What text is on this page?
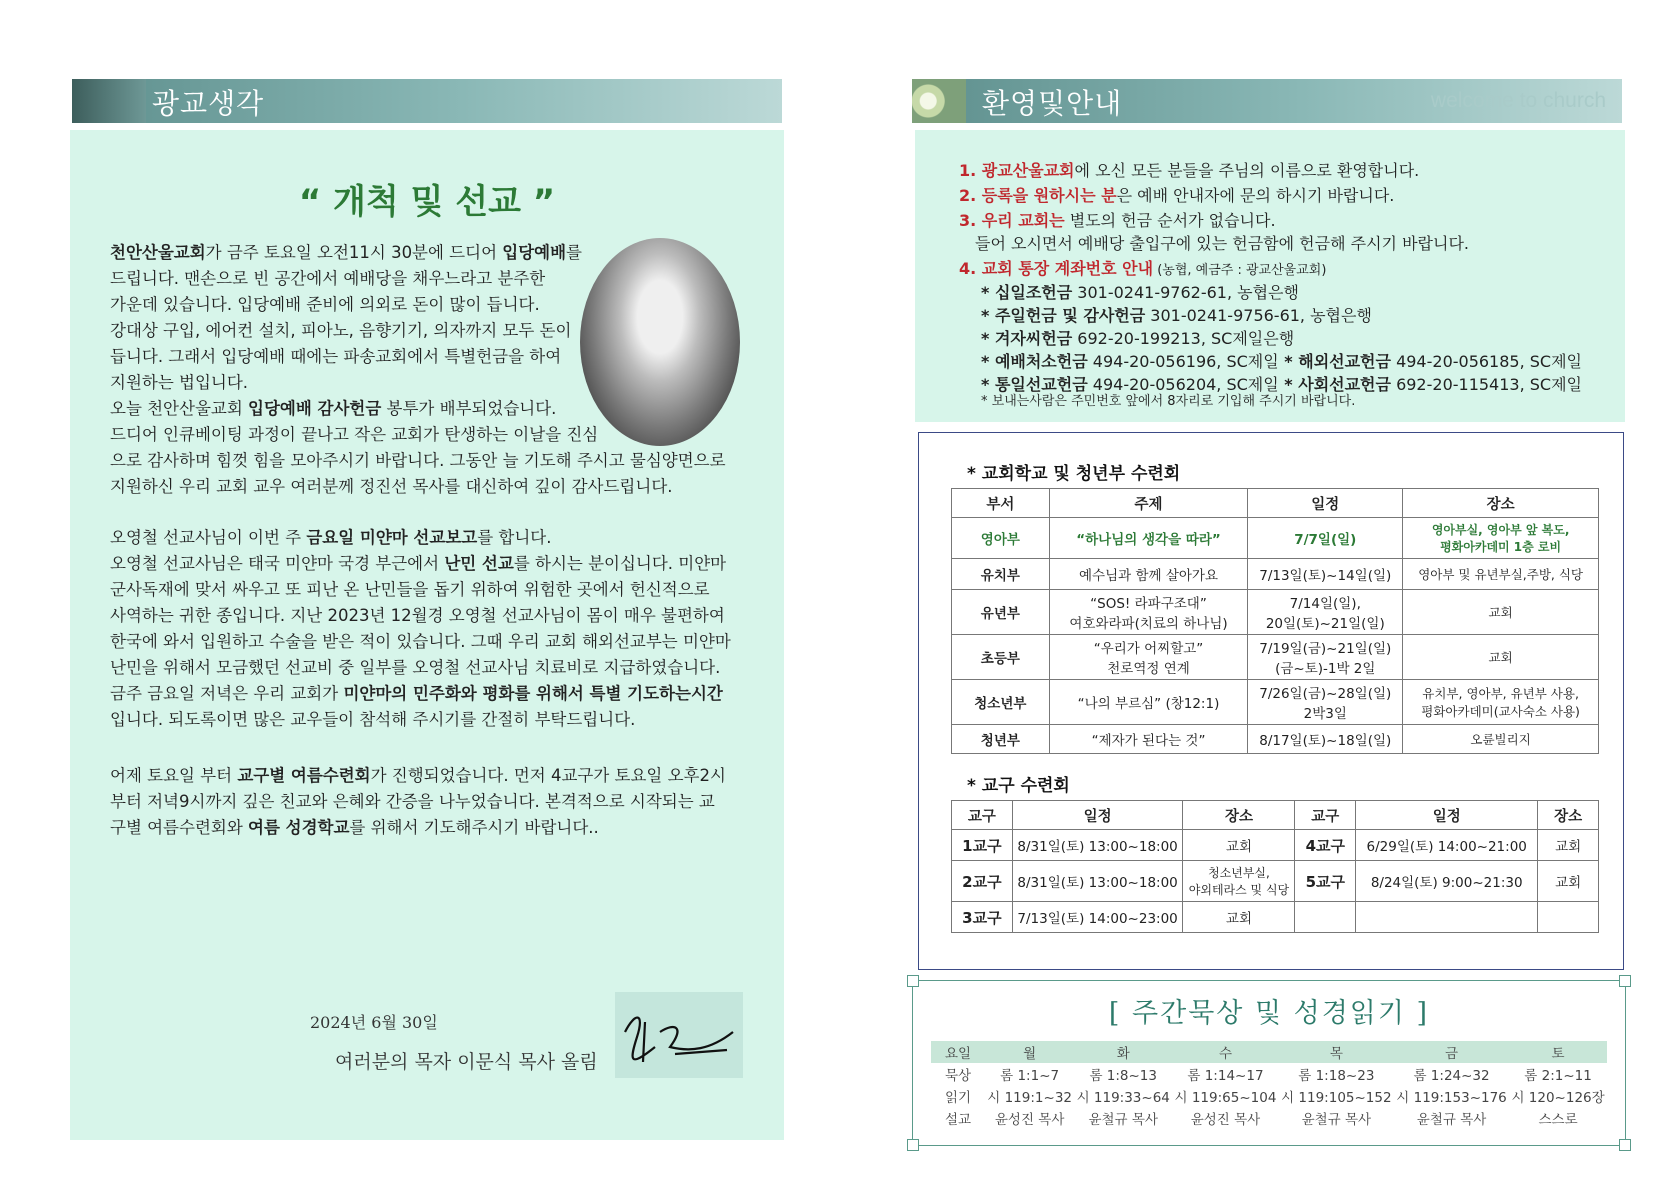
광교생각
“ 개척 및 선교 ”

천안산울교회가 금주 토요일 오전11시 30분에 드디어 입당예배를

드립니다. 맨손으로 빈 공간에서 예배당을 채우느라고 분주한

가운데 있습니다. 입당예배 준비에 의외로 돈이 많이 듭니다.

강대상 구입, 에어컨 설치, 피아노, 음향기기, 의자까지 모두 돈이

듭니다. 그래서 입당예배 때에는 파송교회에서 특별헌금을 하여

지원하는 법입니다.

오늘 천안산울교회 입당예배 감사헌금 봉투가 배부되었습니다.

드디어 인큐베이팅 과정이 끝나고 작은 교회가 탄생하는 이날을 진심

으로 감사하며 힘껏 힘을 모아주시기 바랍니다. 그동안 늘 기도해 주시고 물심양면으로

지원하신 우리 교회 교우 여러분께 정진선 목사를 대신하여 깊이 감사드립니다.

오영철 선교사님이 이번 주 금요일 미얀마 선교보고를 합니다.

오영철 선교사님은 태국 미얀마 국경 부근에서 난민 선교를 하시는 분이십니다. 미얀마

군사독재에 맞서 싸우고 또 피난 온 난민들을 돕기 위하여 위험한 곳에서 헌신적으로

사역하는 귀한 종입니다. 지난 2023년 12월경 오영철 선교사님이 몸이 매우 불편하여

한국에 와서 입원하고 수술을 받은 적이 있습니다. 그때 우리 교회 해외선교부는 미얀마

난민을 위해서 모금했던 선교비 중 일부를 오영철 선교사님 치료비로 지급하였습니다.

금주 금요일 저녁은 우리 교회가 미얀마의 민주화와 평화를 위해서 특별 기도하는시간

입니다. 되도록이면 많은 교우들이 참석해 주시기를 간절히 부탁드립니다.

어제 토요일 부터 교구별 여름수련회가 진행되었습니다. 먼저 4교구가 토요일 오후2시

부터 저녁9시까지 깊은 친교와 은혜와 간증을 나누었습니다. 본격적으로 시작되는 교

구별 여름수련회와 여름 성경학교를 위해서 기도해주시기 바랍니다..

2024년 6월 30일
여러분의 목자 이문식 목사 올림
환영및안내	welcome to church
1. 광교산울교회에 오신 모든 분들을 주님의 이름으로 환영합니다.
2. 등록을 원하시는 분은 예배 안내자에 문의 하시기 바랍니다.
3. 우리 교회는 별도의 헌금 순서가 없습니다.
들어 오시면서 예배당 출입구에 있는 헌금함에 헌금해 주시기 바랍니다.
4. 교회 통장 계좌번호 안내 (농협, 예금주 : 광교산울교회)
* 십일조헌금 301-0241-9762-61, 농협은행
* 주일헌금 및 감사헌금 301-0241-9756-61, 농협은행
* 겨자씨헌금 692-20-199213, SC제일은행
* 예배처소헌금 494-20-056196, SC제일 * 해외선교헌금 494-20-056185, SC제일
* 통일선교헌금 494-20-056204, SC제일 * 사회선교헌금 692-20-115413, SC제일
* 보내는사람은 주민번호 앞에서 8자리로 기입해 주시기 바랍니다.
* 교회학교 및 청년부 수련회
부서	주제	일정	장소
영아부	“하나님의 생각을 따라”	7/7일(일)	영아부실, 영아부 앞 복도,
평화아카데미 1층 로비
유치부	예수님과 함께 살아가요	7/13일(토)~14일(일)	영아부 및 유년부실,주방, 식당
유년부	“SOS! 라파구조대”
여호와라파(치료의 하나님)	7/14일(일),
20일(토)~21일(일)	교회
초등부	“우리가 어찌할고”
천로역정 연계	7/19일(금)~21일(일)
(금~토)-1박 2일	교회
청소년부	“나의 부르심” (창12:1)	7/26일(금)~28일(일)
2박3일	유치부, 영아부, 유년부 사용,
평화아카데미(교사숙소 사용)
청년부	“제자가 된다는 것”	8/17일(토)~18일(일)	오륜빌리지
* 교구 수련회
교구	일정	장소	교구	일정	장소
1교구	8/31일(토) 13:00~18:00	교회	4교구	6/29일(토) 14:00~21:00	교회
2교구	8/31일(토) 13:00~18:00	청소년부실,
야외테라스 및 식당	5교구	8/24일(토) 9:00~21:30	교회
3교구	7/13일(토) 14:00~23:00	교회			
[ 주간묵상 및 성경읽기 ]
요일	월	화	수	목	금	토
묵상	롬 1:1~7	롬 1:8~13	롬 1:14~17	롬 1:18~23	롬 1:24~32	롬 2:1~11
읽기	시 119:1~32	시 119:33~64	시 119:65~104	시 119:105~152	시 119:153~176	시 120~126장
설교	윤성진 목사	윤철규 목사	윤성진 목사	윤철규 목사	윤철규 목사	스스로
